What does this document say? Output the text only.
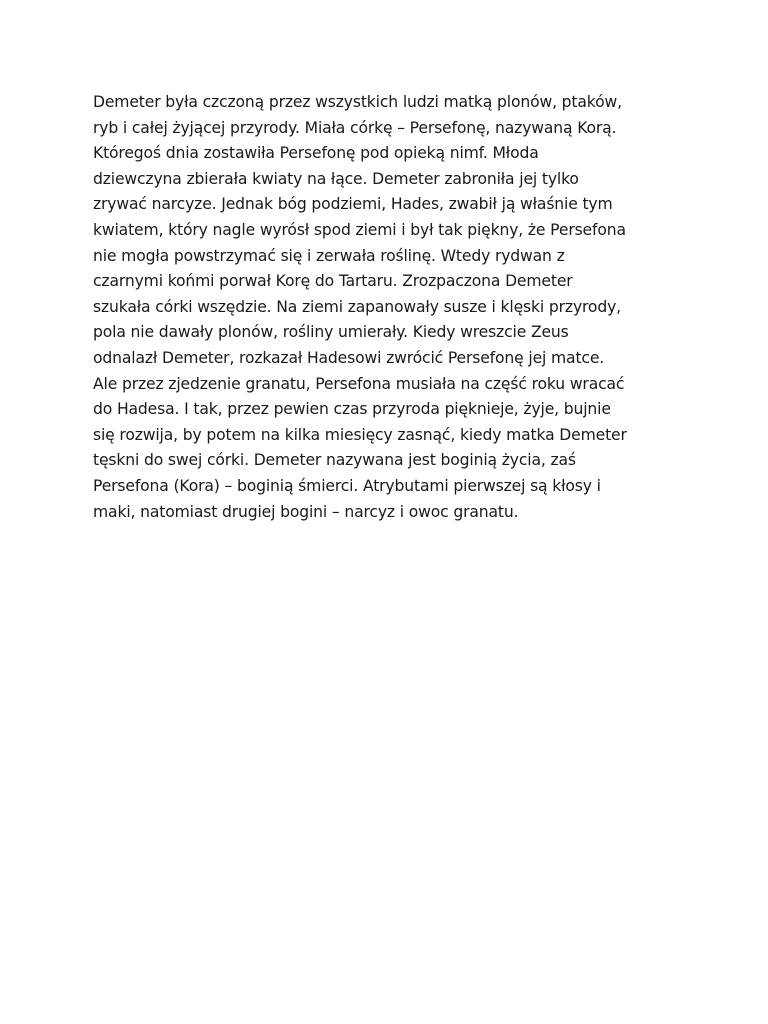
Demeter była czczoną przez wszystkich ludzi matką plonów, ptaków,
ryb i całej żyjącej przyrody. Miała córkę – Persefonę, nazywaną Korą.
Któregoś dnia zostawiła Persefonę pod opieką nimf. Młoda
dziewczyna zbierała kwiaty na łące. Demeter zabroniła jej tylko
zrywać narcyze. Jednak bóg podziemi, Hades, zwabił ją właśnie tym
kwiatem, który nagle wyrósł spod ziemi i był tak piękny, że Persefona
nie mogła powstrzymać się i zerwała roślinę. Wtedy rydwan z
czarnymi końmi porwał Korę do Tartaru. Zrozpaczona Demeter
szukała córki wszędzie. Na ziemi zapanowały susze i klęski przyrody,
pola nie dawały plonów, rośliny umierały. Kiedy wreszcie Zeus
odnalazł Demeter, rozkazał Hadesowi zwrócić Persefonę jej matce.
Ale przez zjedzenie granatu, Persefona musiała na część roku wracać
do Hadesa. I tak, przez pewien czas przyroda pięknieje, żyje, bujnie
się rozwija, by potem na kilka miesięcy zasnąć, kiedy matka Demeter
tęskni do swej córki. Demeter nazywana jest boginią życia, zaś
Persefona (Kora) – boginią śmierci. Atrybutami pierwszej są kłosy i
maki, natomiast drugiej bogini – narcyz i owoc granatu.
